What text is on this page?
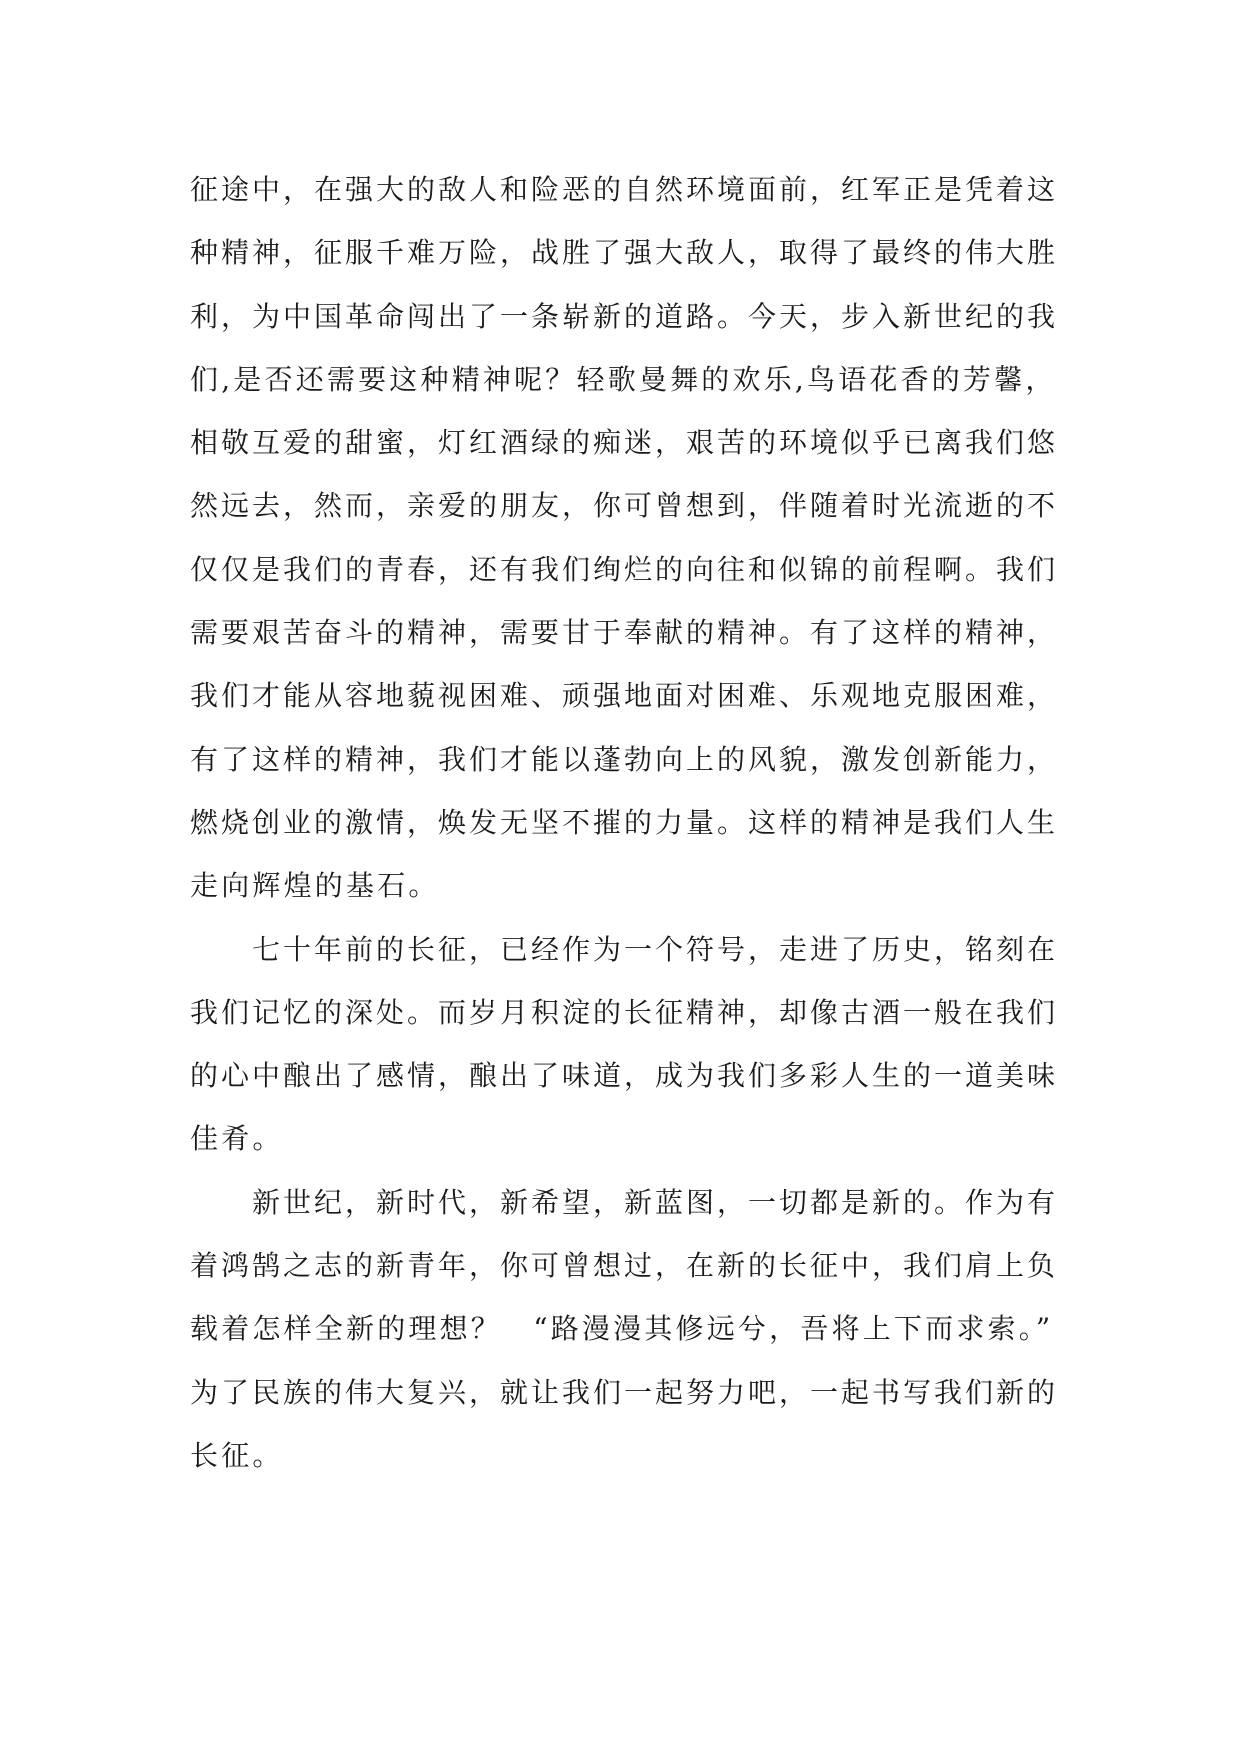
征途中，在强大的敌人和险恶的自然环境面前，红军正是凭着这
种精神，征服千难万险，战胜了强大敌人，取得了最终的伟大胜
利，为中国革命闯出了一条崭新的道路。今天，步入新世纪的我
们,是否还需要这种精神呢？轻歌曼舞的欢乐,鸟语花香的芳馨，
相敬互爱的甜蜜，灯红酒绿的痴迷，艰苦的环境似乎已离我们悠
然远去，然而，亲爱的朋友，你可曾想到，伴随着时光流逝的不
仅仅是我们的青春，还有我们绚烂的向往和似锦的前程啊。我们
需要艰苦奋斗的精神，需要甘于奉献的精神。有了这样的精神，
我们才能从容地藐视困难、顽强地面对困难、乐观地克服困难，
有了这样的精神，我们才能以蓬勃向上的风貌，激发创新能力，
燃烧创业的激情，焕发无坚不摧的力量。这样的精神是我们人生
走向辉煌的基石。
七十年前的长征，已经作为一个符号，走进了历史，铭刻在
我们记忆的深处。而岁月积淀的长征精神，却像古酒一般在我们
的心中酿出了感情，酿出了味道，成为我们多彩人生的一道美味
佳肴。
新世纪，新时代，新希望，新蓝图，一切都是新的。作为有
着鸿鹄之志的新青年，你可曾想过，在新的长征中，我们肩上负
载着怎样全新的理想？　“路漫漫其修远兮，吾将上下而求索。”
为了民族的伟大复兴，就让我们一起努力吧，一起书写我们新的
长征。
